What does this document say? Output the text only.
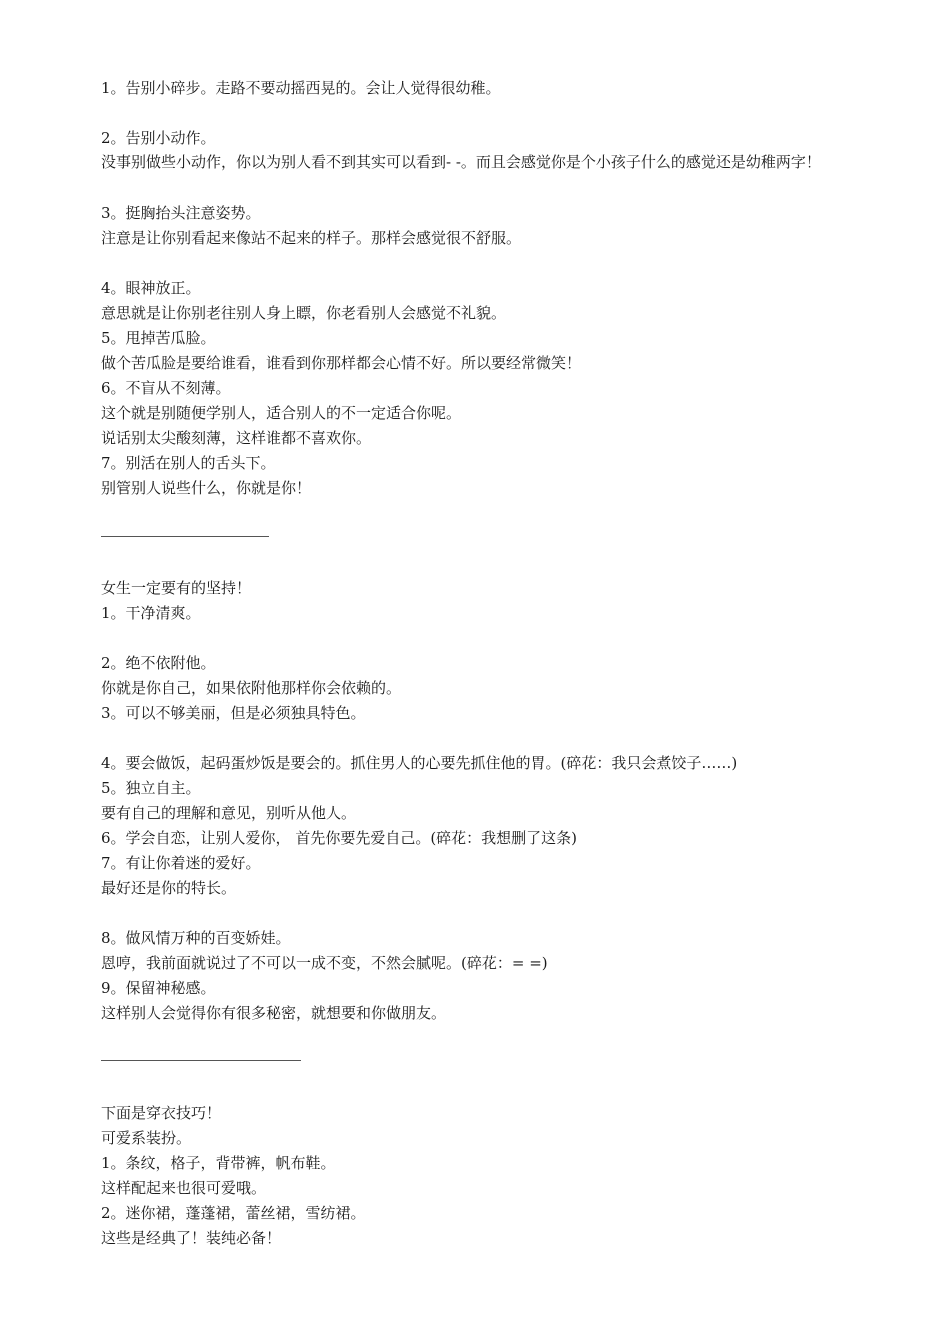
1。告别小碎步。走路不要动摇西晃的。会让人觉得很幼稚。
2。告别小动作。
没事别做些小动作，你以为别人看不到其实可以看到- -。而且会感觉你是个小孩子什么的感觉还是幼稚两字！
3。挺胸抬头注意姿势。
注意是让你别看起来像站不起来的样子。那样会感觉很不舒服。
4。眼神放正。
意思就是让你别老往别人身上瞟，你老看别人会感觉不礼貌。
5。甩掉苦瓜脸。
做个苦瓜脸是要给谁看，谁看到你那样都会心情不好。所以要经常微笑！
6。不盲从不刻薄。
这个就是别随便学别人，适合别人的不一定适合你呢。
说话别太尖酸刻薄，这样谁都不喜欢你。
7。别活在别人的舌头下。
别管别人说些什么，你就是你！
女生一定要有的坚持！
1。干净清爽。
2。绝不依附他。
你就是你自己，如果依附他那样你会依赖的。
3。可以不够美丽，但是必须独具特色。
4。要会做饭，起码蛋炒饭是要会的。抓住男人的心要先抓住他的胃。(碎花：我只会煮饺子……)
5。独立自主。
要有自己的理解和意见，别听从他人。
6。学会自恋，让别人爱你， 首先你要先爱自己。(碎花：我想删了这条)
7。有让你着迷的爱好。
最好还是你的特长。
8。做风情万种的百变娇娃。
恩哼，我前面就说过了不可以一成不变，不然会腻呢。(碎花：= =)
9。保留神秘感。
这样别人会觉得你有很多秘密，就想要和你做朋友。
下面是穿衣技巧！
可爱系装扮。
1。条纹，格子，背带裤，帆布鞋。
这样配起来也很可爱哦。
2。迷你裙，蓬蓬裙，蕾丝裙，雪纺裙。
这些是经典了！装纯必备！
